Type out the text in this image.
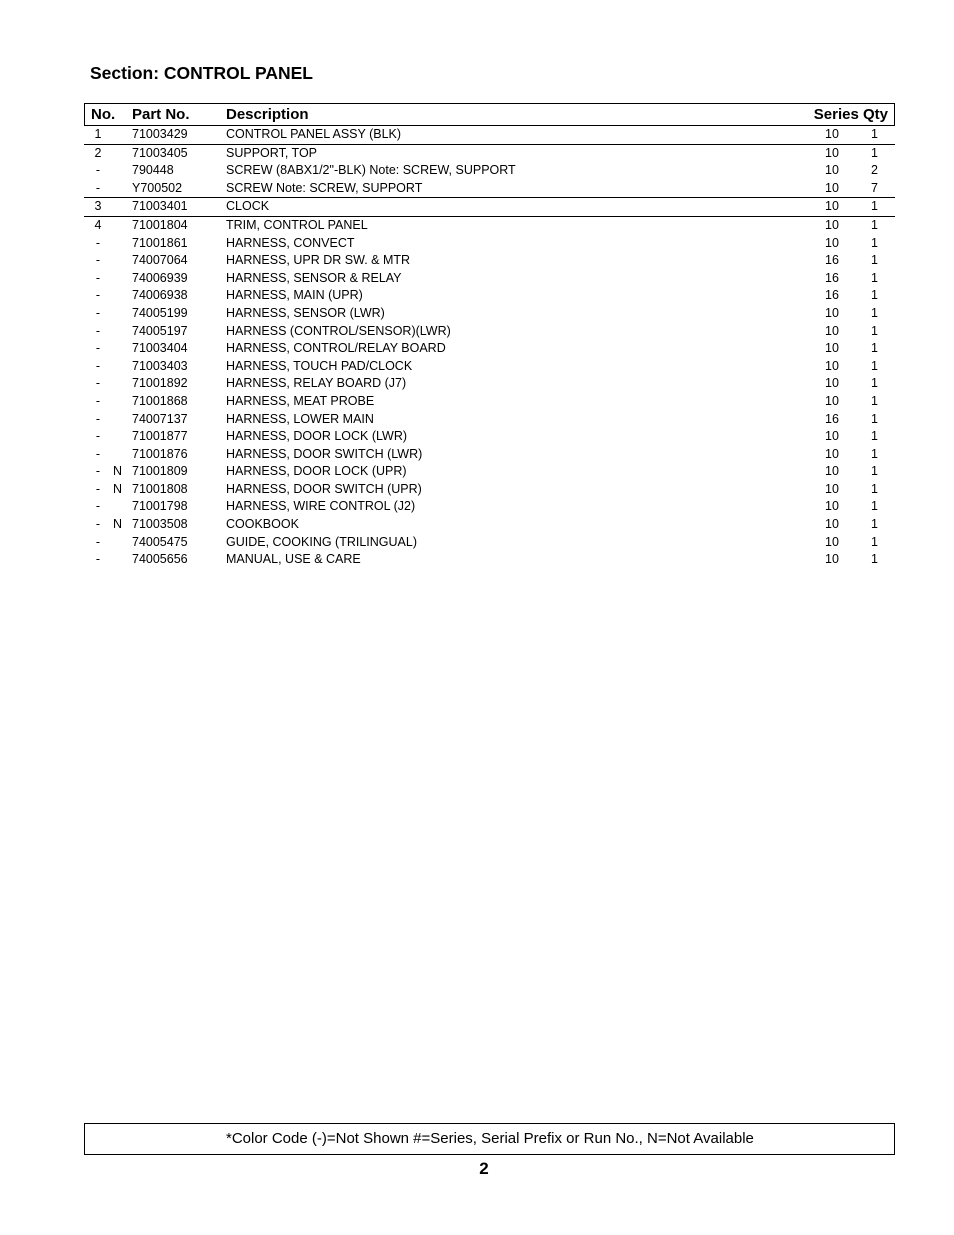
Section: CONTROL PANEL
No. Part No. Description	Series Qty
1 71003429	CONTROL PANEL ASSY (BLK)	10	1
2 71003405	SUPPORT, TOP	10	1
-	790448	SCREW (8ABX1/2"-BLK) Note: SCREW, SUPPORT	10	2
-	Y700502	SCREW Note: SCREW, SUPPORT	10	7
3 71003401	CLOCK	10	1
4 71001804	TRIM, CONTROL PANEL	10	1
-	71001861	HARNESS, CONVECT	10	1
-	74007064	HARNESS, UPR DR SW. & MTR	16	1
-	74006939	HARNESS, SENSOR & RELAY	16	1
-	74006938	HARNESS, MAIN (UPR)	16	1
-	74005199	HARNESS, SENSOR (LWR)	10	1
-	74005197	HARNESS (CONTROL/SENSOR)(LWR)	10	1
-	71003404	HARNESS, CONTROL/RELAY BOARD	10	1
-	71003403	HARNESS, TOUCH PAD/CLOCK	10	1
-	71001892	HARNESS, RELAY BOARD (J7)	10	1
-	71001868	HARNESS, MEAT PROBE	10	1
-	74007137	HARNESS, LOWER MAIN	16	1
-	71001877	HARNESS, DOOR LOCK (LWR)	10	1
-	71001876	HARNESS, DOOR SWITCH (LWR)	10	1
- N 71001809	HARNESS, DOOR LOCK (UPR)	10	1
- N 71001808	HARNESS, DOOR SWITCH (UPR)	10	1
-	71001798	HARNESS, WIRE CONTROL (J2)	10	1
- N 71003508	COOKBOOK	10	1
-	74005475	GUIDE, COOKING (TRILINGUAL)	10	1
-	74005656	MANUAL, USE & CARE	10	1
*Color Code (-)=Not Shown #=Series, Serial Prefix or Run No., N=Not Available
2
